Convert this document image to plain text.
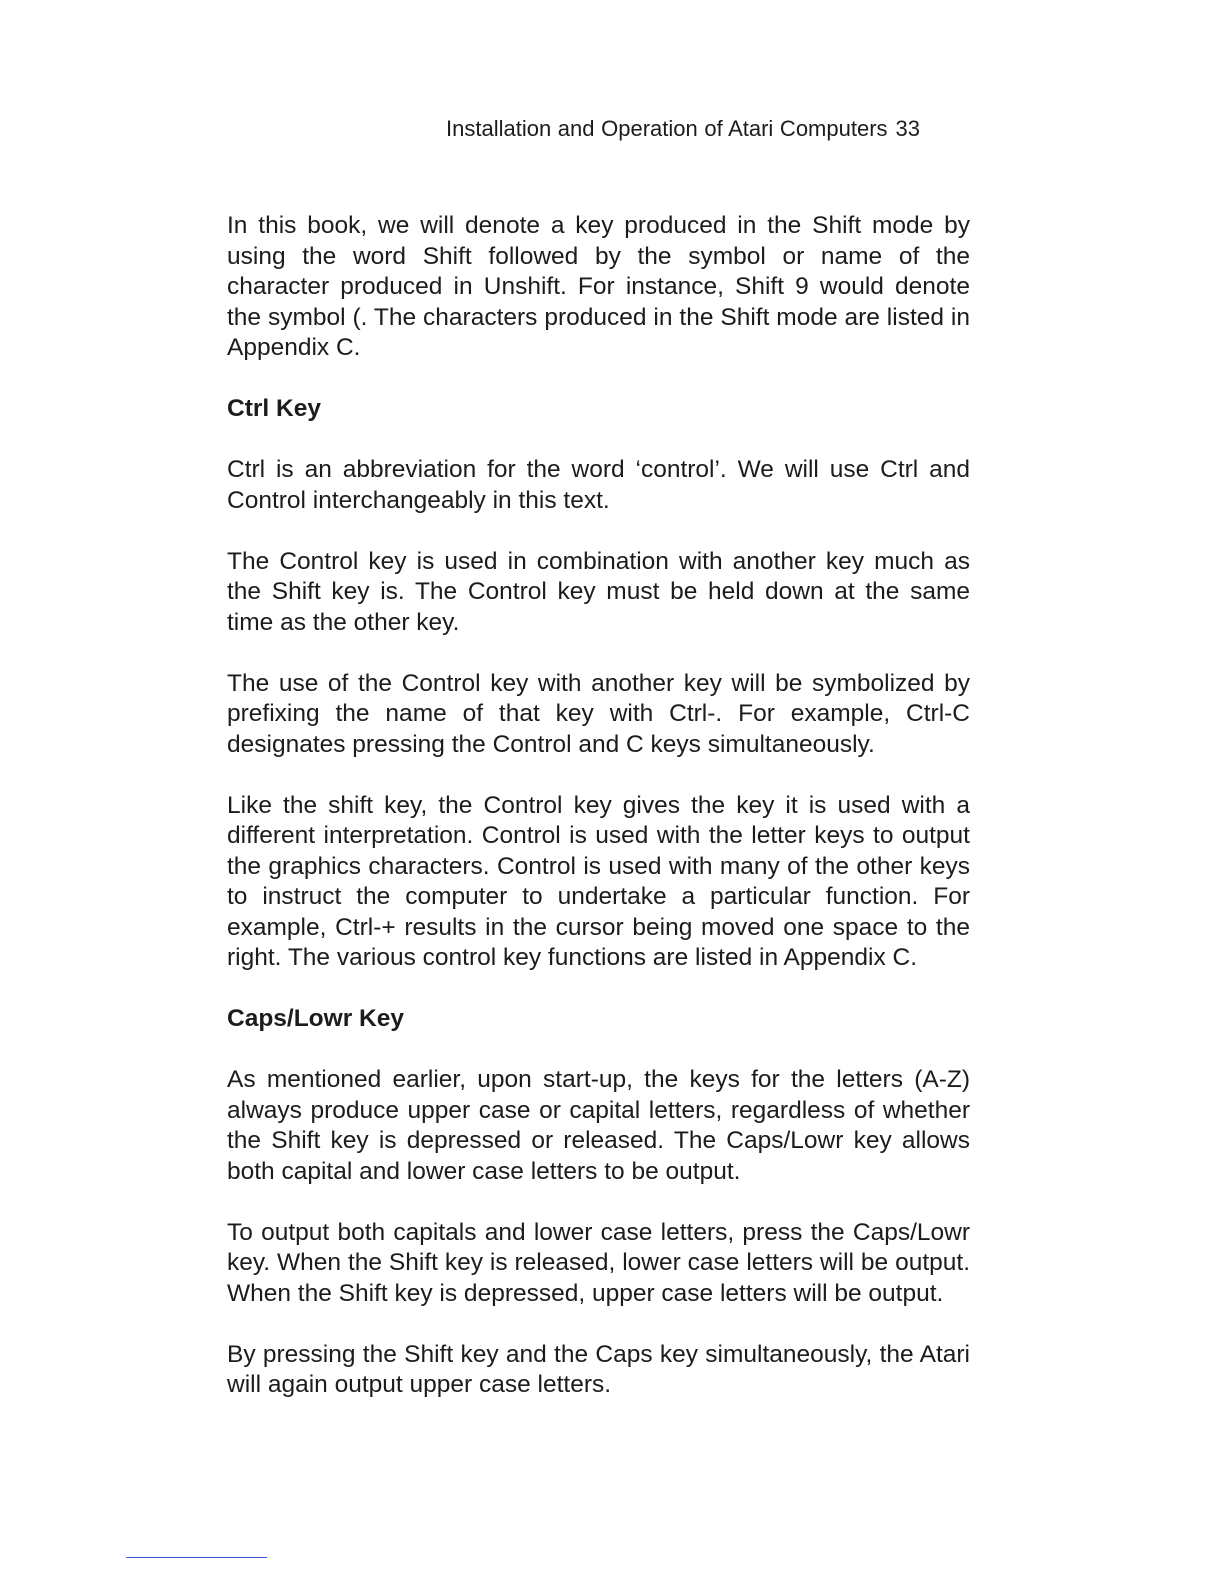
Installation and Operation of Atari Computers 33

In this book, we will denote a key produced in the Shift mode by using the word Shift followed by the symbol or name of the character produced in Unshift. For instance, Shift 9 would denote the symbol (. The characters produced in the Shift mode are listed in Appendix C.

Ctrl Key

Ctrl is an abbreviation for the word ‘control’. We will use Ctrl and Control interchangeably in this text.

The Control key is used in combination with another key much as the Shift key is. The Control key must be held down at the same time as the other key.

The use of the Control key with another key will be symbolized by prefixing the name of that key with Ctrl-. For example, Ctrl-C designates pressing the Control and C keys simultaneously.

Like the shift key, the Control key gives the key it is used with a different interpretation. Control is used with the letter keys to output the graphics characters. Control is used with many of the other keys to instruct the computer to undertake a particular function. For example, Ctrl-+ results in the cursor being moved one space to the right. The various control key functions are listed in Appendix C.

Caps/Lowr Key

As mentioned earlier, upon start-up, the keys for the letters (A-Z) always produce upper case or capital letters, regardless of whether the Shift key is depressed or released. The Caps/Lowr key allows both capital and lower case letters to be output.

To output both capitals and lower case letters, press the Caps/Lowr key. When the Shift key is released, lower case letters will be output. When the Shift key is depressed, upper case letters will be output.

By pressing the Shift key and the Caps key simultaneously, the Atari will again output upper case letters.
